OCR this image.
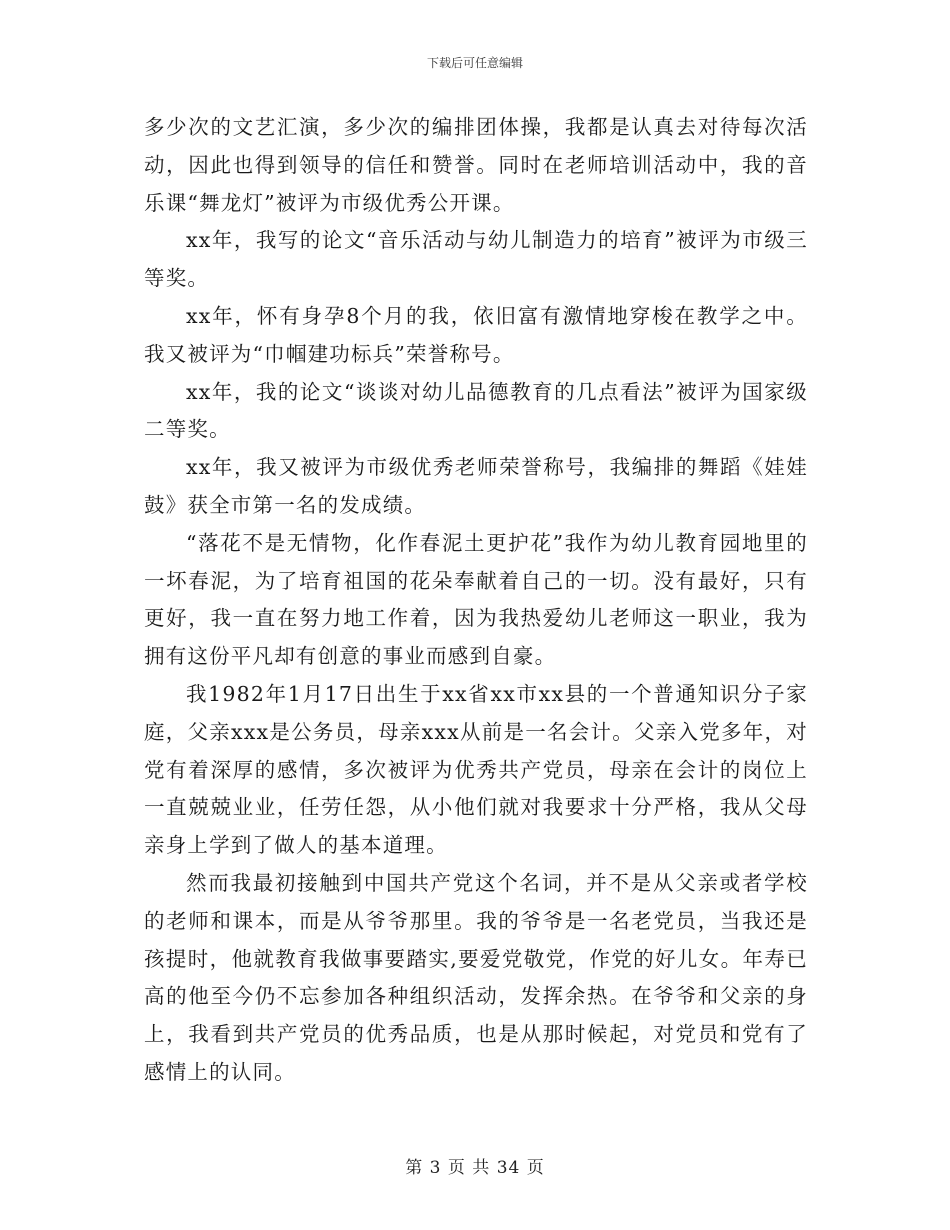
下载后可任意编辑

多少次的文艺汇演，多少次的编排团体操，我都是认真去对待每次活动，因此也得到领导的信任和赞誉。同时在老师培训活动中，我的音乐课“舞龙灯”被评为市级优秀公开课。

xx年，我写的论文“音乐活动与幼儿制造力的培育”被评为市级三等奖。

xx年，怀有身孕8个月的我，依旧富有激情地穿梭在教学之中。我又被评为“巾帼建功标兵”荣誉称号。

xx年，我的论文“谈谈对幼儿品德教育的几点看法”被评为国家级二等奖。

xx年，我又被评为市级优秀老师荣誉称号，我编排的舞蹈《娃娃鼓》获全市第一名的发成绩。

“落花不是无情物，化作春泥土更护花”我作为幼儿教育园地里的一坏春泥，为了培育祖国的花朵奉献着自己的一切。没有最好，只有更好，我一直在努力地工作着，因为我热爱幼儿老师这一职业，我为拥有这份平凡却有创意的事业而感到自豪。

我1982年1月17日出生于xx省xx市xx县的一个普通知识分子家庭，父亲xxx是公务员，母亲xxx从前是一名会计。父亲入党多年，对党有着深厚的感情，多次被评为优秀共产党员，母亲在会计的岗位上一直兢兢业业，任劳任怨，从小他们就对我要求十分严格，我从父母亲身上学到了做人的基本道理。

然而我最初接触到中国共产党这个名词，并不是从父亲或者学校的老师和课本，而是从爷爷那里。我的爷爷是一名老党员，当我还是孩提时，他就教育我做事要踏实,要爱党敬党，作党的好儿女。年寿已高的他至今仍不忘参加各种组织活动，发挥余热。在爷爷和父亲的身上，我看到共产党员的优秀品质，也是从那时候起，对党员和党有了感情上的认同。

第 3 页 共 34 页
